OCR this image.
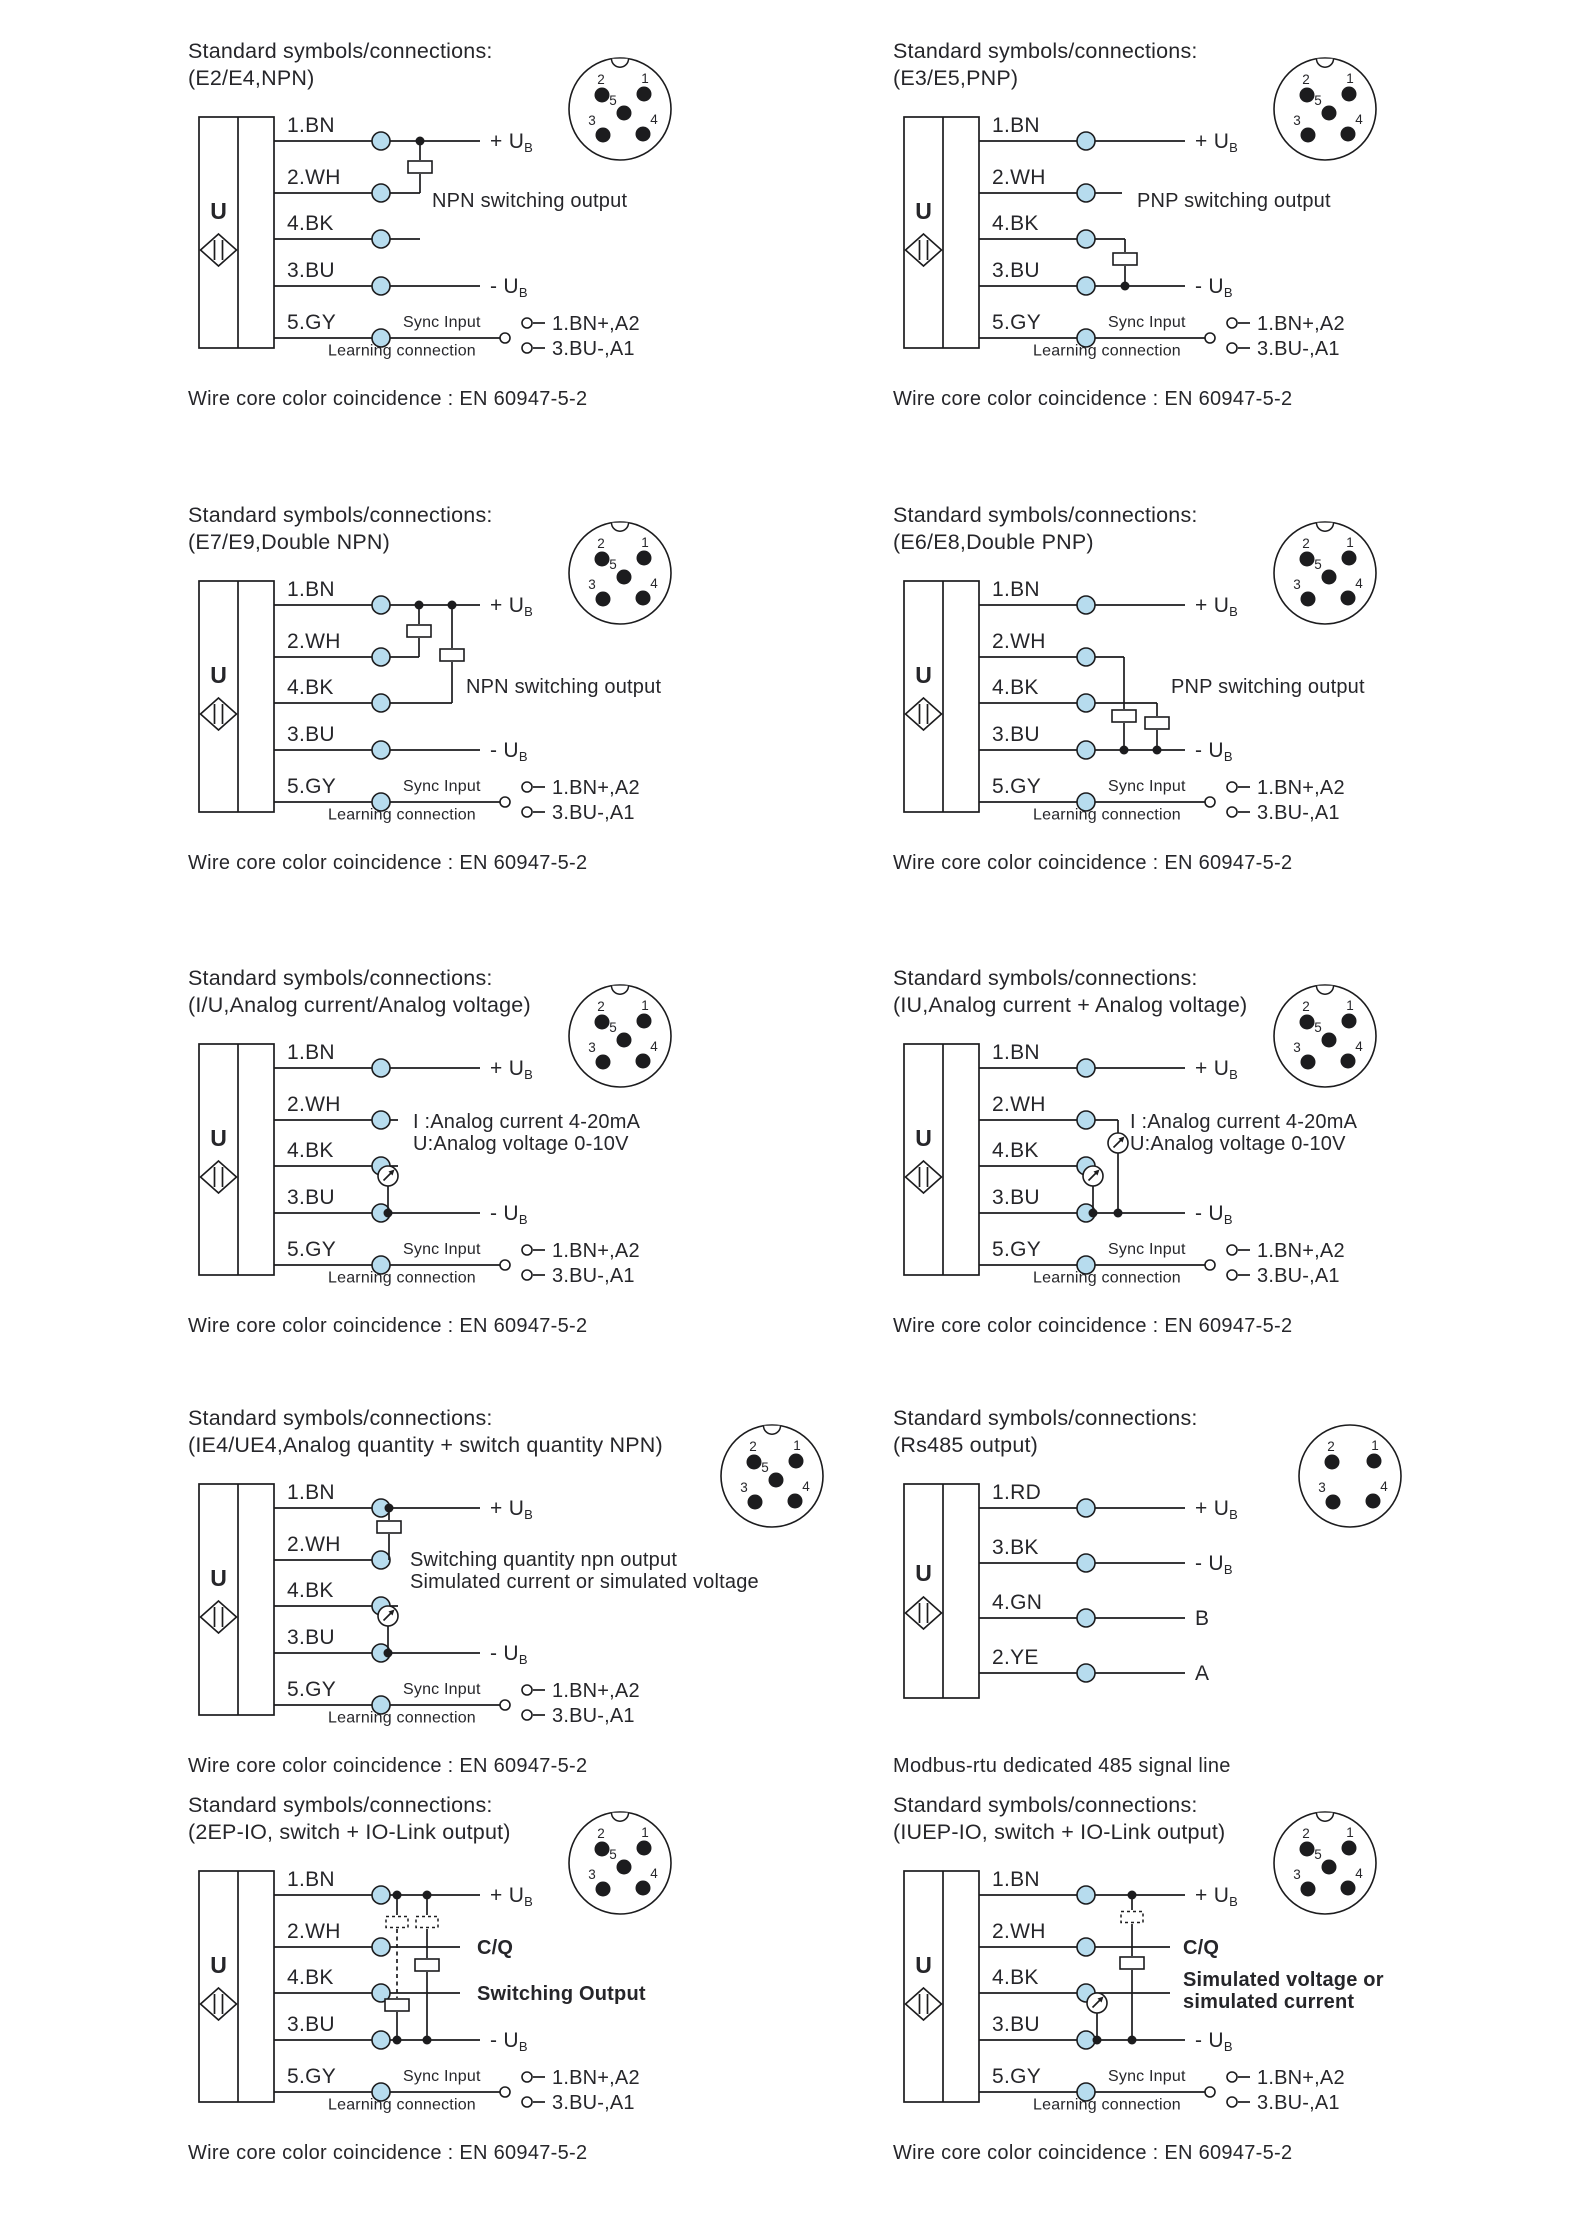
Standard symbols/connections:
(E2/E4,NPN)	2	1
5
3	4
U
1.BN
+ UB
2.WH
4.BK
3.BU
- UB
NPN switching output
5.GY	Sync Input
Learning connection
1.BN+,A2
3.BU-,A1
Wire core color coincidence : EN 60947-5-2
Standard symbols/connections:
(E3/E5,PNP)	2	1
5
3	4
U
1.BN
+ UB
2.WH
4.BK
3.BU
- UB
PNP switching output
5.GY	Sync Input
Learning connection
1.BN+,A2
3.BU-,A1
Wire core color coincidence : EN 60947-5-2
Standard symbols/connections:
(E7/E9,Double NPN)	2	1
5
3	4
U
1.BN
+ UB
2.WH
4.BK
3.BU
- UB
NPN switching output
5.GY	Sync Input
Learning connection
1.BN+,A2
3.BU-,A1
Wire core color coincidence : EN 60947-5-2
Standard symbols/connections:
(E6/E8,Double PNP)	2	1
5
3	4
U
1.BN
+ UB
2.WH
4.BK
3.BU
- UB
PNP switching output
5.GY	Sync Input
Learning connection
1.BN+,A2
3.BU-,A1
Wire core color coincidence : EN 60947-5-2
Standard symbols/connections:
(I/U,Analog current/Analog voltage)	2	1
5
3	4
U
1.BN
+ UB
2.WH
4.BK
3.BU
- UB
I :Analog current 4-20mA
U:Analog voltage 0-10V
5.GY	Sync Input
Learning connection
1.BN+,A2
3.BU-,A1
Wire core color coincidence : EN 60947-5-2
Standard symbols/connections:
(IU,Analog current + Analog voltage)	2	1
5
3	4
U
1.BN
+ UB
2.WH
4.BK
3.BU
- UB
I :Analog current 4-20mA
U:Analog voltage 0-10V
5.GY	Sync Input
Learning connection
1.BN+,A2
3.BU-,A1
Wire core color coincidence : EN 60947-5-2
Standard symbols/connections:
(IE4/UE4,Analog quantity + switch quantity NPN)	2	1
5
3	4
U
1.BN
+ UB
2.WH
4.BK
3.BU
- UB
Switching quantity npn output
Simulated current or simulated voltage
5.GY	Sync Input
Learning connection
1.BN+,A2
3.BU-,A1
Wire core color coincidence : EN 60947-5-2
Standard symbols/connections:
(Rs485 output)	2	1
3	4
U
1.RD
+ UB
3.BK
- UB
4.GN
B
2.YE
A
Modbus-rtu dedicated 485 signal line
Standard symbols/connections:
(2EP-IO, switch + IO-Link output)	2	1
5
3	4
U
1.BN
+ UB
2.WH
4.BK
3.BU
- UB
C/Q
Switching Output
5.GY	Sync Input
Learning connection
1.BN+,A2
3.BU-,A1
Wire core color coincidence : EN 60947-5-2
Standard symbols/connections:
(IUEP-IO, switch + IO-Link output)	2	1
5
3	4
U
1.BN
+ UB
2.WH
4.BK
3.BU
- UB
C/Q
Simulated voltage or
simulated current
5.GY	Sync Input
Learning connection
1.BN+,A2
3.BU-,A1
Wire core color coincidence : EN 60947-5-2
